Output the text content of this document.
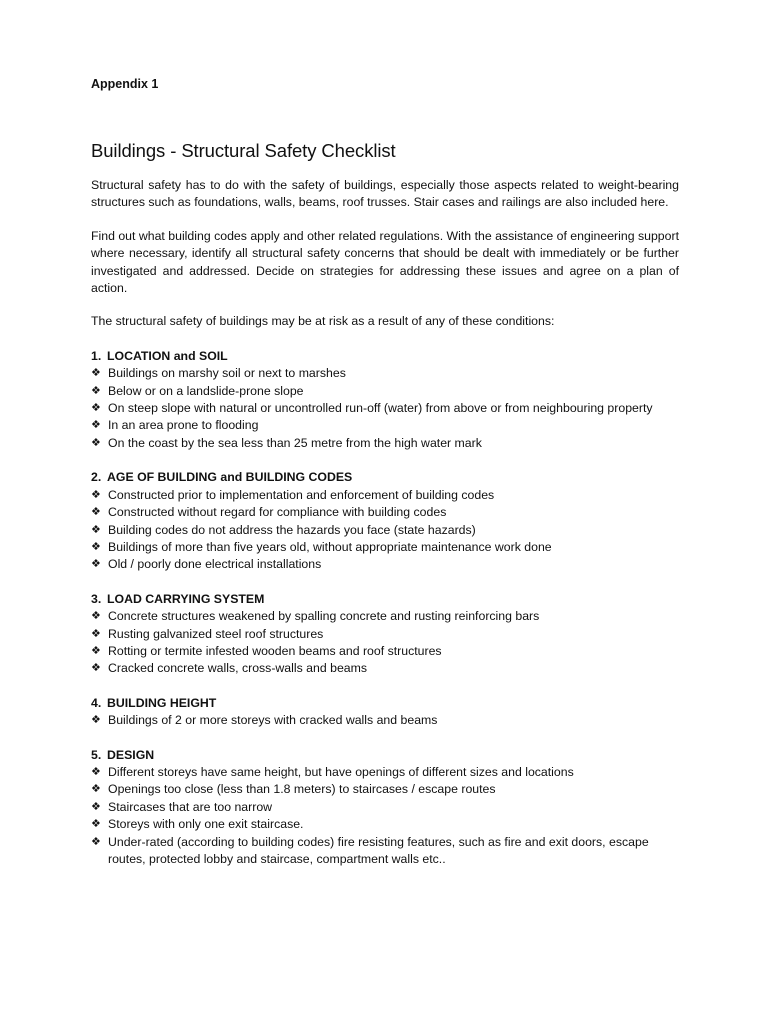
Appendix 1

Buildings - Structural Safety Checklist

Structural safety has to do with the safety of buildings, especially those aspects related to weight-bearing structures such as foundations, walls, beams, roof trusses. Stair cases and railings are also included here.

Find out what building codes apply and other related regulations. With the assistance of engineering support where necessary, identify all structural safety concerns that should be dealt with immediately or be further investigated and addressed. Decide on strategies for addressing these issues and agree on a plan of action.

The structural safety of buildings may be at risk as a result of any of these conditions:

1. LOCATION and SOIL

❖ Buildings on marshy soil or next to marshes
❖ Below or on a landslide-prone slope
❖ On steep slope with natural or uncontrolled run-off (water) from above or from neighbouring property
❖ In an area prone to flooding
❖ On the coast by the sea less than 25 metre from the high water mark

2. AGE OF BUILDING and BUILDING CODES

❖ Constructed prior to implementation and enforcement of building codes
❖ Constructed without regard for compliance with building codes
❖ Building codes do not address the hazards you face (state hazards)
❖ Buildings of more than five years old, without appropriate maintenance work done
❖ Old / poorly done electrical installations

3. LOAD CARRYING SYSTEM

❖ Concrete structures weakened by spalling concrete and rusting reinforcing bars
❖ Rusting galvanized steel roof structures
❖ Rotting or termite infested wooden beams and roof structures
❖ Cracked concrete walls, cross-walls and beams

4. BUILDING HEIGHT

❖ Buildings of 2 or more storeys with cracked walls and beams

5. DESIGN

❖ Different storeys have same height, but have openings of different sizes and locations
❖ Openings too close (less than 1.8 meters) to staircases / escape routes
❖ Staircases that are too narrow
❖ Storeys with only one exit staircase.
❖ Under-rated (according to building codes) fire resisting features, such as fire and exit doors, escape routes, protected lobby and staircase, compartment walls etc..
